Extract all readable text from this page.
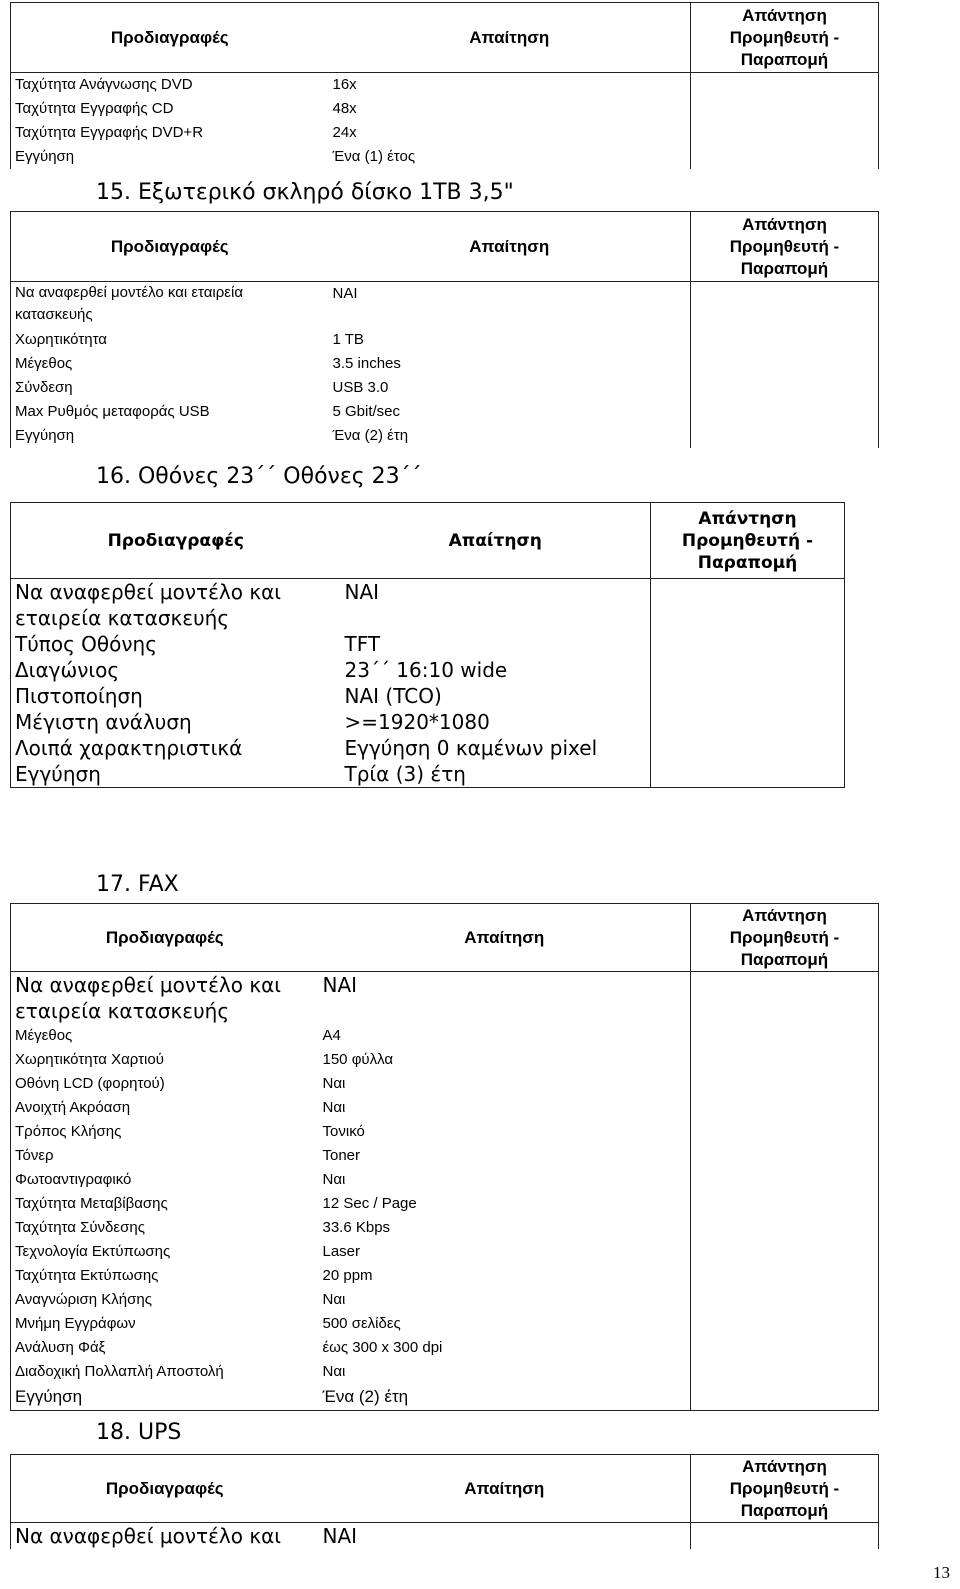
Προδιαγραφές	Απαίτηση	Απάντηση
Προμηθευτή -
Παραπομή

Ταχύτητα Ανάγνωσης DVD	16x	
Ταχύτητα Εγγραφής CD	48x	
Ταχύτητα Εγγραφής DVD+R	24x	
Εγγύηση	Ένα (1) έτος	
15. Εξωτερικό σκληρό δίσκο 1TB 3,5"
Προδιαγραφές	Απαίτηση	Απάντηση
Προμηθευτή -
Παραπομή

Να αναφερθεί μοντέλο και εταιρεία κατασκευής	ΝΑΙ	
Χωρητικότητα	1 TB	
Μέγεθος	3.5 inches	
Σύνδεση	USB 3.0	
Max Ρυθμός μεταφοράς USB	5 Gbit/sec	
Εγγύηση	Ένα (2) έτη	
16. Οθόνες 23΄΄ Οθόνες 23΄΄
Προδιαγραφές	Απαίτηση	Απάντηση
Προμηθευτή -
Παραπομή

Να αναφερθεί μοντέλο και εταιρεία κατασκευής	ΝΑΙ	
Τύπος Οθόνης	TFT	
Διαγώνιος	23΄΄ 16:10 wide	
Πιστοποίηση	ΝΑΙ (TCO)	
Μέγιστη ανάλυση	>=1920*1080	
Λοιπά χαρακτηριστικά	Εγγύηση 0 καμένων pixel	
Εγγύηση	Τρία (3) έτη	
17. FAX
Προδιαγραφές	Απαίτηση	Απάντηση
Προμηθευτή -
Παραπομή

Να αναφερθεί μοντέλο και εταιρεία κατασκευής	ΝΑΙ	
Μέγεθος	A4	
Χωρητικότητα Χαρτιού	150 φύλλα	
Οθόνη LCD (φορητού)	Ναι	
Ανοιχτή Ακρόαση	Ναι	
Τρόπος Κλήσης	Τονικό	
Τόνερ	Toner	
Φωτοαντιγραφικό	Ναι	
Ταχύτητα Μεταβίβασης	12 Sec / Page	
Ταχύτητα Σύνδεσης	33.6 Kbps	
Τεχνολογία Εκτύπωσης	Laser	
Ταχύτητα Εκτύπωσης	20 ppm	
Αναγνώριση Κλήσης	Ναι	
Μνήμη Εγγράφων	500 σελίδες	
Ανάλυση Φάξ	έως 300 x 300 dpi	
Διαδοχική Πολλαπλή Αποστολή	Ναι	
Εγγύηση	Ένα (2) έτη	
18. UPS
Προδιαγραφές	Απαίτηση	Απάντηση
Προμηθευτή -
Παραπομή

Να αναφερθεί μοντέλο και	ΝΑΙ	
13
